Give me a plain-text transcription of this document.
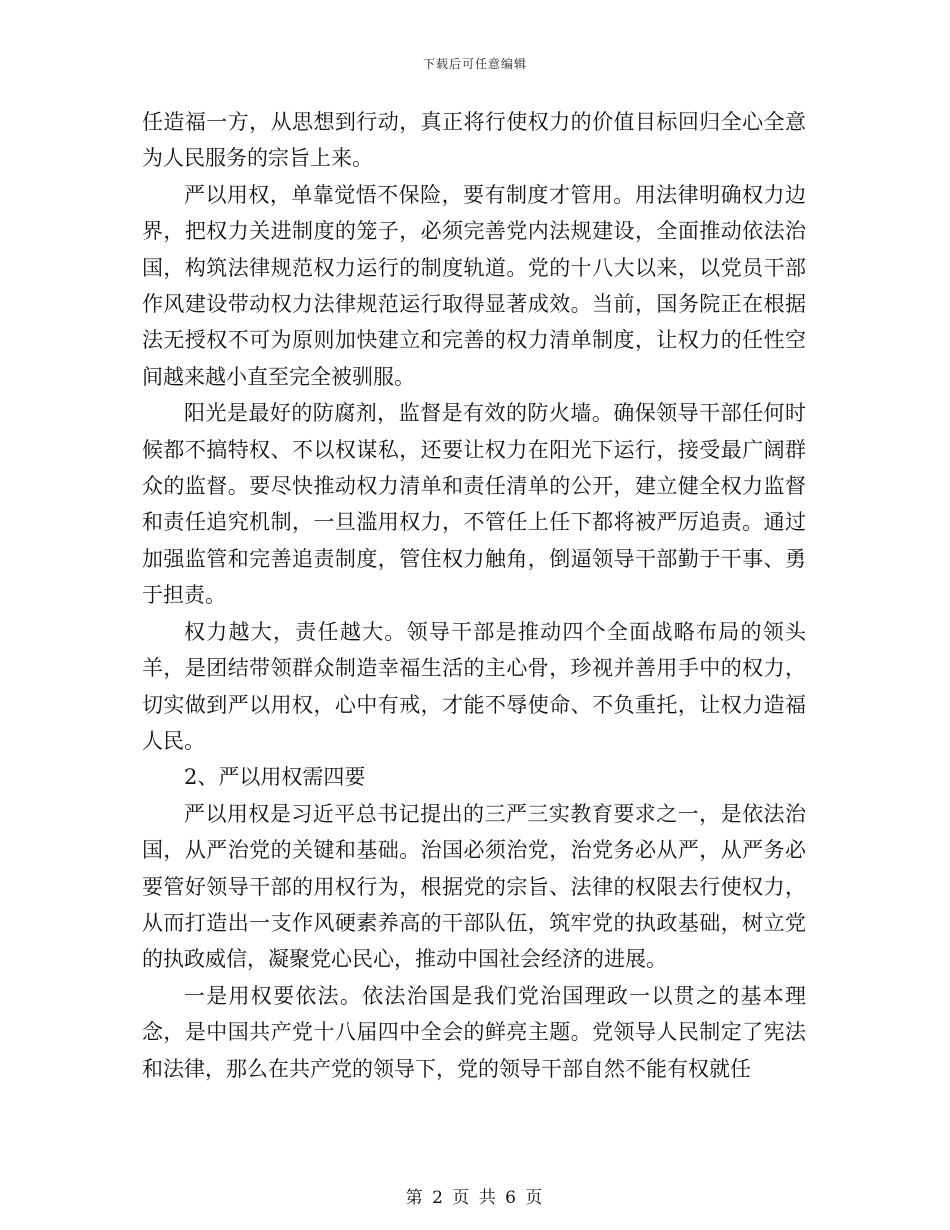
下载后可任意编辑

任造福一方，从思想到行动，真正将行使权力的价值目标回归全心全意为人民服务的宗旨上来。

严以用权，单靠觉悟不保险，要有制度才管用。用法律明确权力边界，把权力关进制度的笼子，必须完善党内法规建设，全面推动依法治国，构筑法律规范权力运行的制度轨道。党的十八大以来，以党员干部作风建设带动权力法律规范运行取得显著成效。当前，国务院正在根据法无授权不可为原则加快建立和完善的权力清单制度，让权力的任性空间越来越小直至完全被驯服。

阳光是最好的防腐剂，监督是有效的防火墙。确保领导干部任何时候都不搞特权、不以权谋私，还要让权力在阳光下运行，接受最广阔群众的监督。要尽快推动权力清单和责任清单的公开，建立健全权力监督和责任追究机制，一旦滥用权力，不管任上任下都将被严厉追责。通过加强监管和完善追责制度，管住权力触角，倒逼领导干部勤于干事、勇于担责。

权力越大，责任越大。领导干部是推动四个全面战略布局的领头羊，是团结带领群众制造幸福生活的主心骨，珍视并善用手中的权力，切实做到严以用权，心中有戒，才能不辱使命、不负重托，让权力造福人民。

2、严以用权需四要

严以用权是习近平总书记提出的三严三实教育要求之一，是依法治国，从严治党的关键和基础。治国必须治党，治党务必从严，从严务必要管好领导干部的用权行为，根据党的宗旨、法律的权限去行使权力，从而打造出一支作风硬素养高的干部队伍，筑牢党的执政基础，树立党的执政威信，凝聚党心民心，推动中国社会经济的进展。

一是用权要依法。依法治国是我们党治国理政一以贯之的基本理念，是中国共产党十八届四中全会的鲜亮主题。党领导人民制定了宪法和法律，那么在共产党的领导下，党的领导干部自然不能有权就任

第 2 页 共 6 页
